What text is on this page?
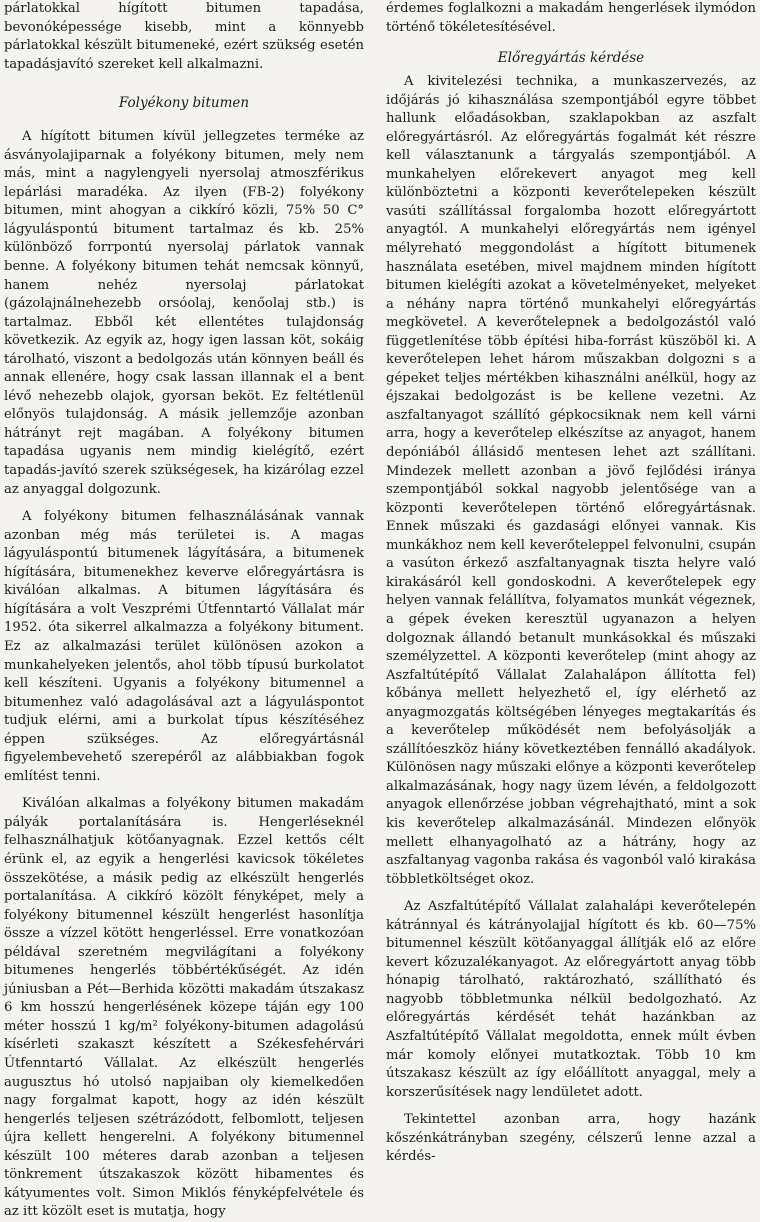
párlatokkal hígított bitumen tapadása, bevonóképessége kisebb, mint a könnyebb párlatokkal készült bitumeneké, ezért szükség esetén tapadásjavító szereket kell alkalmazni.

Folyékony bitumen

A hígított bitumen kívül jellegzetes terméke az ásványolajiparnak a folyékony bitumen, mely nem más, mint a nagylengyeli nyersolaj atmoszférikus lepárlási maradéka. Az ilyen (FB-2) folyékony bitumen, mint ahogyan a cikkíró közli, 75% 50 C° lágyuláspontú bitument tartalmaz és kb. 25% különböző forrpontú nyersolaj párlatok vannak benne. A folyékony bitumen tehát nemcsak könnyű, hanem nehéz nyersolaj párlatokat (gázolajnálnehezebb orsóolaj, kenőolaj stb.) is tartalmaz. Ebből két ellentétes tulajdonság következik. Az egyik az, hogy igen lassan köt, sokáig tárolható, viszont a bedolgozás után könnyen beáll és annak ellenére, hogy csak lassan illannak el a bent lévő nehezebb olajok, gyorsan beköt. Ez feltétlenül előnyös tulajdonság. A másik jellemzője azonban hátrányt rejt magában. A folyékony bitumen tapadása ugyanis nem mindig kielégítő, ezért tapadás-javító szerek szükségesek, ha kizárólag ezzel az anyaggal dolgozunk.

A folyékony bitumen felhasználásának vannak azonban még más területei is. A magas lágyuláspontú bitumenek lágyítására, a bitumenek hígítására, bitumenekhez keverve előregyártásra is kiválóan alkalmas. A bitumen lágyítására és hígítására a volt Veszprémi Útfenntartó Vállalat már 1952. óta sikerrel alkalmazza a folyékony bitument. Ez az alkalmazási terület különösen azokon a munkahelyeken jelentős, ahol több típusú burkolatot kell készíteni. Ugyanis a folyékony bitumennel a bitumenhez való adagolásával azt a lágyuláspontot tudjuk elérni, ami a burkolat típus készítéséhez éppen szükséges. Az előregyártásnál figyelembevehető szerepéről az alábbiakban fogok említést tenni.

Kiválóan alkalmas a folyékony bitumen makadám pályák portalanítására is. Hengerléseknél felhasználhatjuk kötőanyagnak. Ezzel kettős célt érünk el, az egyik a hengerlési kavicsok tökéletes összekötése, a másik pedig az elkészült hengerlés portalanítása. A cikkíró közölt fényképet, mely a folyékony bitumennel készült hengerlést hasonlítja össze a vízzel kötött hengerléssel. Erre vonatkozóan példával szeretném megvilágítani a folyékony bitumenes hengerlés többértékűségét. Az idén júniusban a Pét—Berhida közötti makadám útszakasz 6 km hosszú hengerlésének közepe táján egy 100 méter hosszú 1 kg/m² folyékony-bitumen adagolású kísérleti szakaszt készített a Székesfehérvári Útfenntartó Vállalat. Az elkészült hengerlés augusztus hó utolsó napjaiban oly kiemelkedően nagy forgalmat kapott, hogy az idén készült hengerlés teljesen szétrázódott, felbomlott, teljesen újra kellett hengerelni. A folyékony bitumennel készült 100 méteres darab azonban a teljesen tönkrement útszakaszok között hibamentes és kátyumentes volt. Simon Miklós fényképfelvétele és az itt közölt eset is mutatja, hogy

érdemes foglalkozni a makadám hengerlések ilymódon történő tökéletesítésével.

Előregyártás kérdése

A kivitelezési technika, a munkaszervezés, az időjárás jó kihasználása szempontjából egyre többet hallunk előadásokban, szaklapokban az aszfalt előregyártásról. Az előregyártás fogalmát két részre kell választanunk a tárgyalás szempontjából. A munkahelyen előrekevert anyagot meg kell különböztetni a központi keverőtelepeken készült vasúti szállítással forgalomba hozott előregyártott anyagtól. A munkahelyi előregyártás nem igényel mélyreható meggondolást a hígított bitumenek használata esetében, mivel majdnem minden hígított bitumen kielégíti azokat a követelményeket, melyeket a néhány napra történő munkahelyi előregyártás megkövetel. A keverőtelepnek a bedolgozástól való függetlenítése több építési hiba-forrást küszöböl ki. A keverőtelepen lehet három műszakban dolgozni s a gépeket teljes mértékben kihasználni anélkül, hogy az éjszakai bedolgozást is be kellene vezetni. Az aszfaltanyagot szállító gépkocsiknak nem kell várni arra, hogy a keverőtelep elkészítse az anyagot, hanem depóniából állásidő mentesen lehet azt szállítani. Mindezek mellett azonban a jövő fejlődési iránya szempontjából sokkal nagyobb jelentősége van a központi keverőtelepen történő előregyártásnak. Ennek műszaki és gazdasági előnyei vannak. Kis munkákhoz nem kell keverőteleppel felvonulni, csupán a vasúton érkező aszfaltanyagnak tiszta helyre való kirakásáról kell gondoskodni. A keverőtelepek egy helyen vannak felállítva, folyamatos munkát végeznek, a gépek éveken keresztül ugyanazon a helyen dolgoznak állandó betanult munkásokkal és műszaki személyzettel. A központi keverőtelep (mint ahogy az Aszfaltútépítő Vállalat Zalahalápon állította fel) kőbánya mellett helyezhető el, így elérhető az anyagmozgatás költségében lényeges megtakarítás és a keverőtelep működését nem befolyásolják a szállítóeszköz hiány következtében fennálló akadályok. Különösen nagy műszaki előnye a központi keverőtelep alkalmazásának, hogy nagy üzem lévén, a feldolgozott anyagok ellenőrzése jobban végrehajtható, mint a sok kis keverőtelep alkalmazásánál. Mindezen előnyök mellett elhanyagolható az a hátrány, hogy az aszfaltanyag vagonba rakása és vagonból való kirakása többletköltséget okoz.

Az Aszfaltútépítő Vállalat zalahalápi keverőtelepén kátránnyal és kátrányolajjal hígított és kb. 60—75% bitumennel készült kötőanyaggal állítják elő az előre kevert kőzuzalékanyagot. Az előregyártott anyag több hónapig tárolható, raktározható, szállítható és nagyobb többletmunka nélkül bedolgozható. Az előregyártás kérdését tehát hazánkban az Aszfaltútépítő Vállalat megoldotta, ennek múlt évben már komoly előnyei mutatkoztak. Több 10 km útszakasz készült az így előállított anyaggal, mely a korszerűsítések nagy lendületet adott.

Tekintettel azonban arra, hogy hazánk kőszénkátrányban szegény, célszerű lenne azzal a kérdés-
